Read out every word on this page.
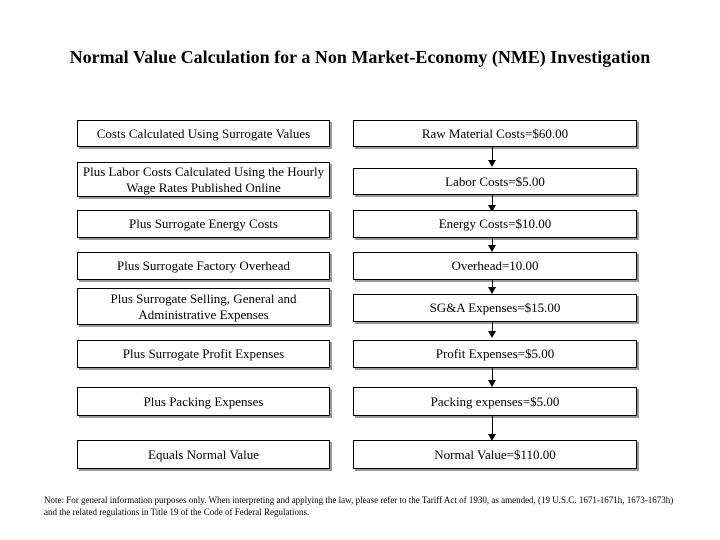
Normal Value Calculation for a Non Market-Economy (NME) Investigation
Costs Calculated Using Surrogate Values	Raw Material Costs=$60.00
Plus Labor Costs Calculated Using the Hourly Wage Rates Published Online	Labor Costs=$5.00
Plus Surrogate Energy Costs	Energy Costs=$10.00
Plus Surrogate Factory Overhead	Overhead=10.00
Plus Surrogate Selling, General and Administrative Expenses	SG&A Expenses=$15.00
Plus Surrogate Profit Expenses	Profit Expenses=$5.00
Plus Packing Expenses	Packing expenses=$5.00
Equals Normal Value	Normal Value=$110.00
Note: For general information purposes only. When interpreting and applying the law, please refer to the Tariff Act of 1930, as amended, (19 U.S.C. 1671-1671h, 1673-1673h) and the related regulations in Title 19 of the Code of Federal Regulations.
